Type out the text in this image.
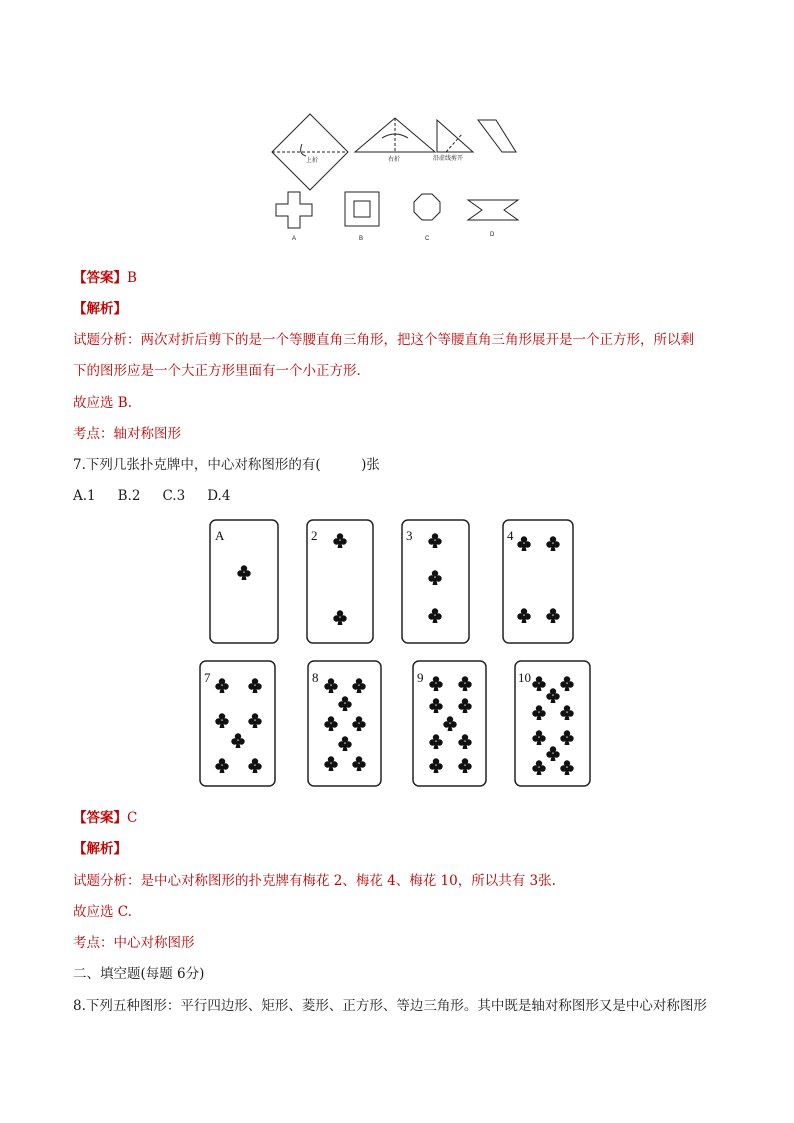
上折	右折	沿虚线剪开
A	B	C
D
【答案】B
【解析】
试题分析：两次对折后剪下的是一个等腰直角三角形，把这个等腰直角三角形展开是一个正方形，所以剩
下的图形应是一个大正方形里面有一个小正方形.
故应选 B.
考点：轴对称图形
7.下列几张扑克牌中，中心对称图形的有(　　　)张
A.1 B.2 C.3 D.4
A	2	3	4
7	8	9	10
【答案】C
【解析】
试题分析：是中心对称图形的扑克牌有梅花 2、梅花 4、梅花 10，所以共有 3张.
故应选 C.
考点：中心对称图形
二、填空题(每题 6分)
8.下列五种图形：平行四边形、矩形、菱形、正方形、等边三角形。其中既是轴对称图形又是中心对称图形
